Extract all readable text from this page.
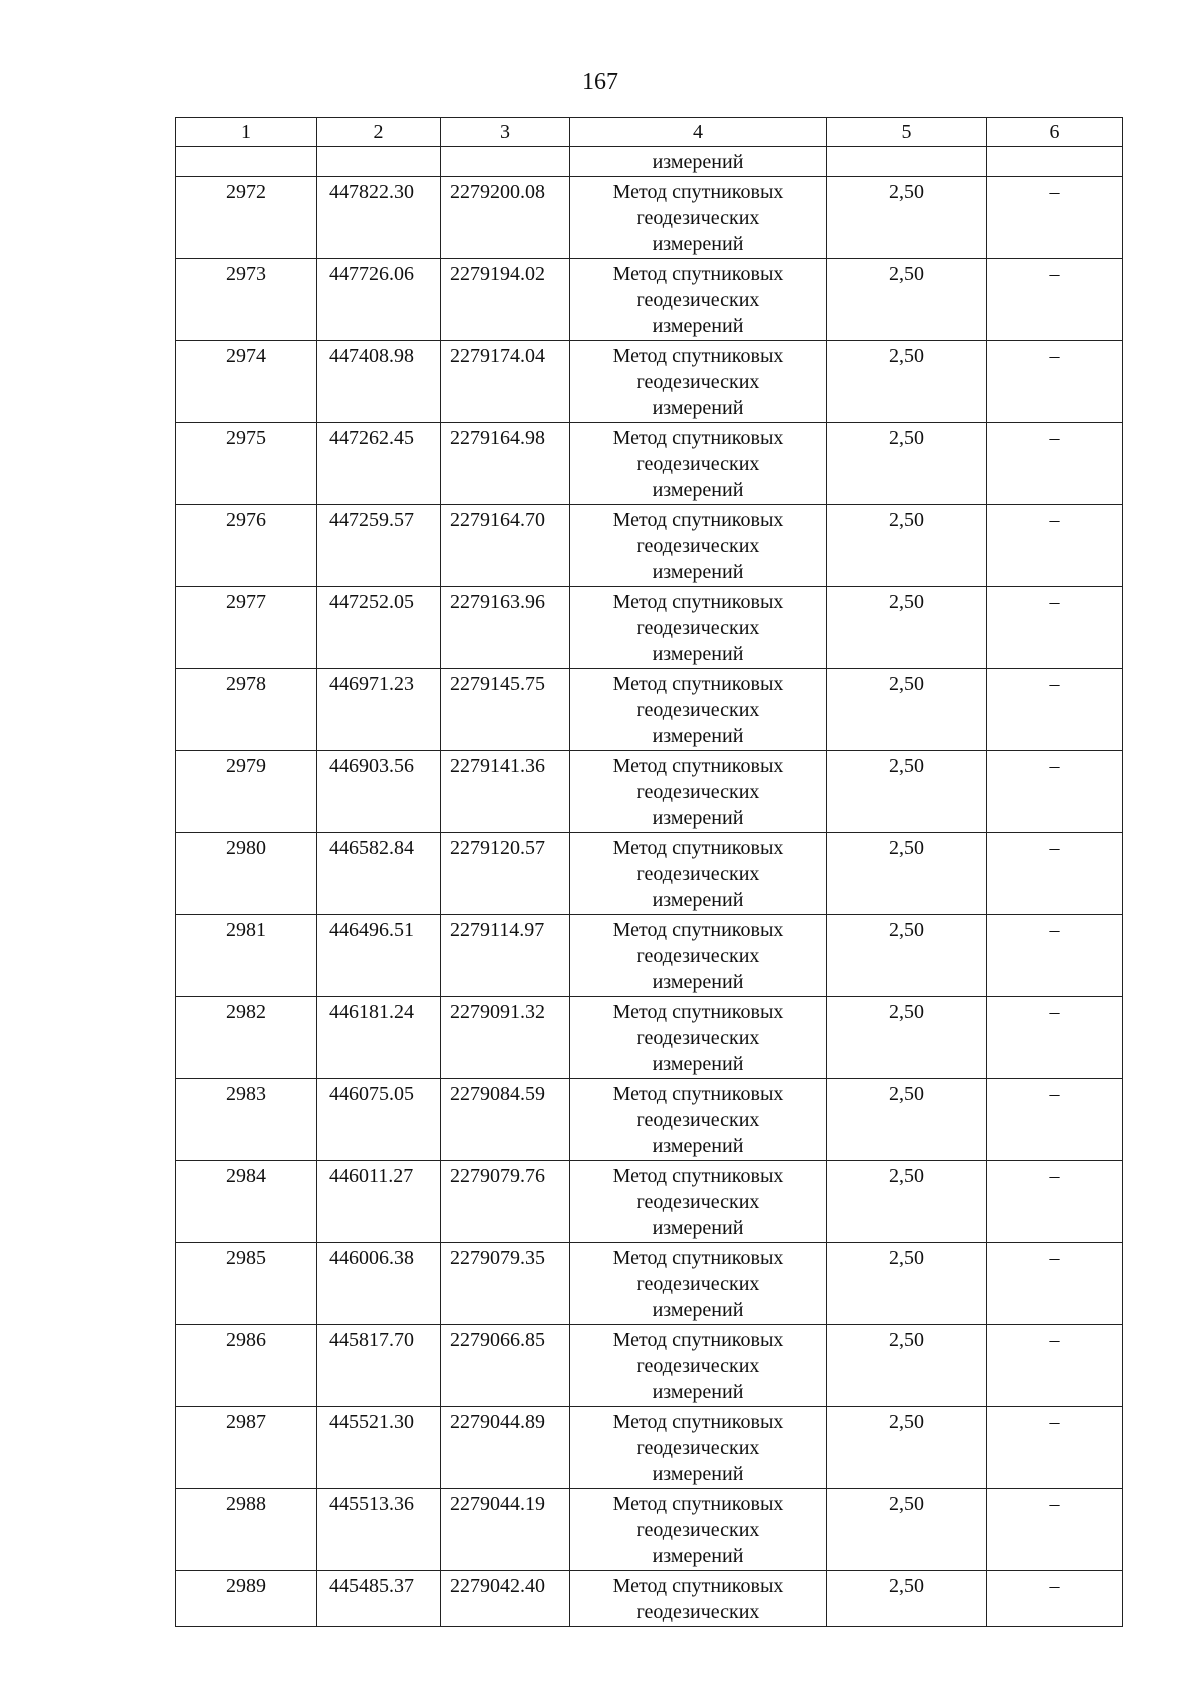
167
1	2	3	4	5	6
			измерений		
2972	447822.30	2279200.08	Метод спутниковых
геодезических
измерений	2,50	–
2973	447726.06	2279194.02	Метод спутниковых
геодезических
измерений	2,50	–
2974	447408.98	2279174.04	Метод спутниковых
геодезических
измерений	2,50	–
2975	447262.45	2279164.98	Метод спутниковых
геодезических
измерений	2,50	–
2976	447259.57	2279164.70	Метод спутниковых
геодезических
измерений	2,50	–
2977	447252.05	2279163.96	Метод спутниковых
геодезических
измерений	2,50	–
2978	446971.23	2279145.75	Метод спутниковых
геодезических
измерений	2,50	–
2979	446903.56	2279141.36	Метод спутниковых
геодезических
измерений	2,50	–
2980	446582.84	2279120.57	Метод спутниковых
геодезических
измерений	2,50	–
2981	446496.51	2279114.97	Метод спутниковых
геодезических
измерений	2,50	–
2982	446181.24	2279091.32	Метод спутниковых
геодезических
измерений	2,50	–
2983	446075.05	2279084.59	Метод спутниковых
геодезических
измерений	2,50	–
2984	446011.27	2279079.76	Метод спутниковых
геодезических
измерений	2,50	–
2985	446006.38	2279079.35	Метод спутниковых
геодезических
измерений	2,50	–
2986	445817.70	2279066.85	Метод спутниковых
геодезических
измерений	2,50	–
2987	445521.30	2279044.89	Метод спутниковых
геодезических
измерений	2,50	–
2988	445513.36	2279044.19	Метод спутниковых
геодезических
измерений	2,50	–
2989	445485.37	2279042.40	Метод спутниковых
геодезических	2,50	–
